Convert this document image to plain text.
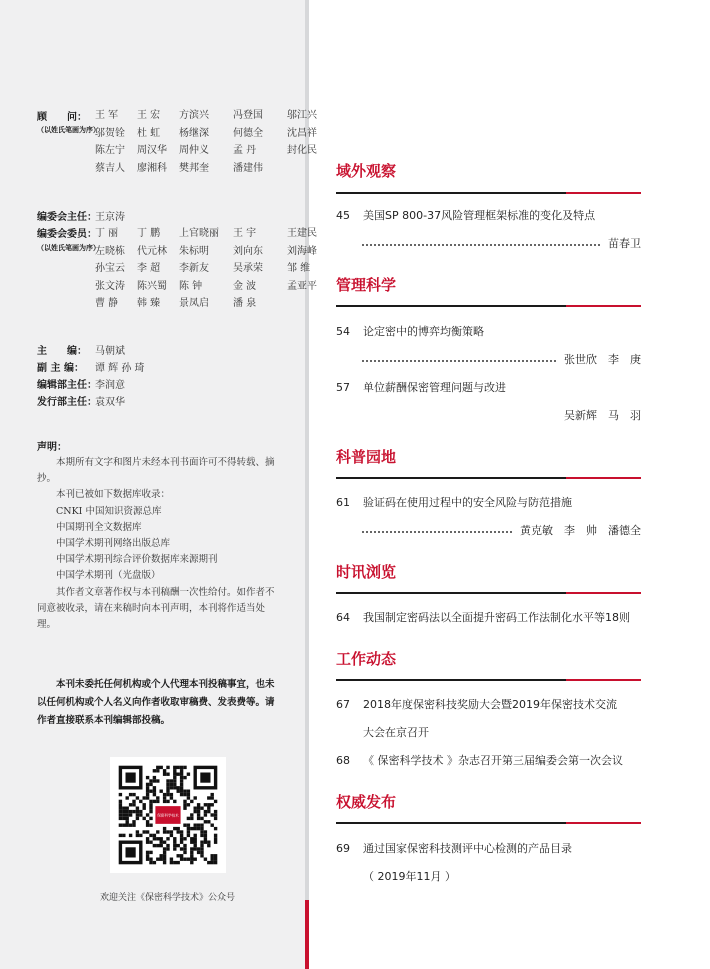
顾　　问：
（以姓氏笔画为序）
王 军	王 宏	方滨兴	冯登国	邬江兴
邬贺铨	杜 虹	杨继深	何德全	沈昌祥
陈左宁	周汉华	周仲义	孟 丹	封化民
蔡吉人	廖湘科	樊邦奎	潘建伟
编委会主任：
王京涛
编委会委员：
（以姓氏笔画为序）
丁 丽	丁 鹏	上官晓丽	王 宇	王建民
左晓栋	代元林	朱标明	刘向东	刘海峰
孙宝云	李 超	李新友	吴承荣	邹 维
张文涛	陈兴蜀	陈 钟	金 波	孟亚平
曹 静	韩 臻	景凤启	潘 泉
主　　编： 马朝斌
副 主 编： 谭 辉 孙 琦
编辑部主任：
李润意
发行部主任：
袁双华
声明：

本期所有文字和图片未经本刊书面许可不得转载、摘抄。

本刊已被如下数据库收录：

CNKI 中国知识资源总库

中国期刊全文数据库

中国学术期刊网络出版总库

中国学术期刊综合评价数据库来源期刊

中国学术期刊（光盘版）

其作者文章著作权与本刊稿酬一次性给付。如作者不同意被收录，请在来稿时向本刊声明，本刊将作适当处理。

本刊未委托任何机构或个人代理本刊投稿事宜，也未以任何机构或个人名义向作者收取审稿费、发表费等。请作者直接联系本刊编辑部投稿。

保密科学技术
欢迎关注《保密科学技术》公众号
域外观察
45 美国SP 800-37风险管理框架标准的变化及特点
苗春卫
管理科学
54 论定密中的博弈均衡策略
张世欣　李　庚
57 单位薪酬保密管理问题与改进
吴新辉　马　羽
科普园地
61 验证码在使用过程中的安全风险与防范措施
黄克敏　李　帅　潘德全
时讯浏览
64 我国制定密码法以全面提升密码工作法制化水平等18则
工作动态
67 2018年度保密科技奖励大会暨2019年保密技术交流
大会在京召开
68 《 保密科学技术 》杂志召开第三届编委会第一次会议
权威发布
69 通过国家保密科技测评中心检测的产品目录
（ 2019年11月 ）
